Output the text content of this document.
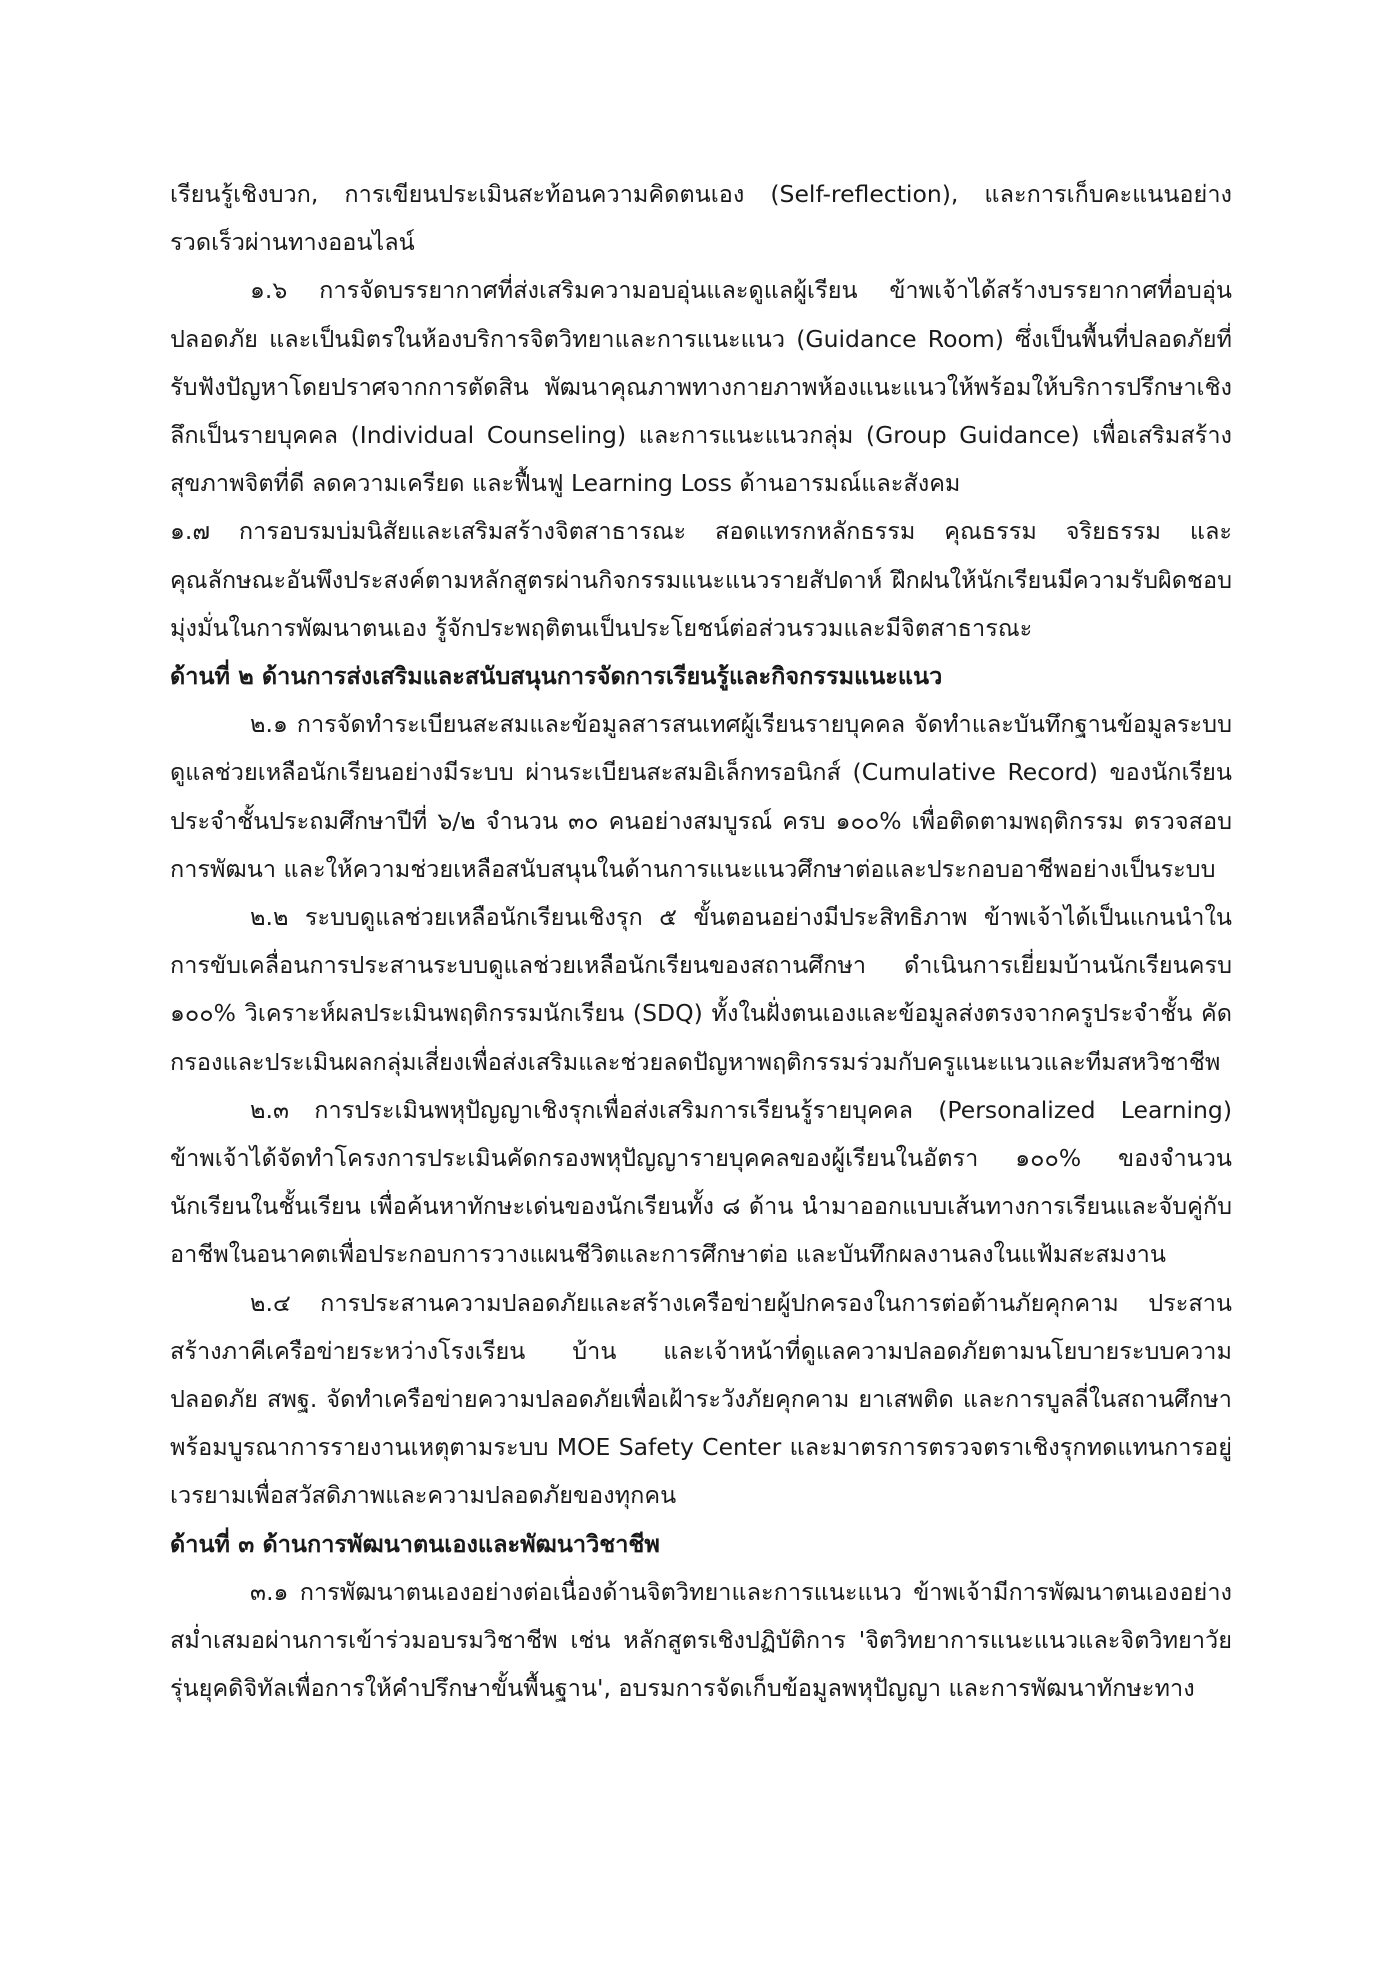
เรียนรู้เชิงบวก, การเขียนประเมินสะท้อนความคิดตนเอง (Self-reflection), และการเก็บคะแนนอย่างรวดเร็วผ่านทางออนไลน์

๑.๖ การจัดบรรยากาศที่ส่งเสริมความอบอุ่นและดูแลผู้เรียน ข้าพเจ้าได้สร้างบรรยากาศที่อบอุ่นปลอดภัย และเป็นมิตรในห้องบริการจิตวิทยาและการแนะแนว (Guidance Room) ซึ่งเป็นพื้นที่ปลอดภัยที่รับฟังปัญหาโดยปราศจากการตัดสิน พัฒนาคุณภาพทางกายภาพห้องแนะแนวให้พร้อมให้บริการปรึกษาเชิงลึกเป็นรายบุคคล (Individual Counseling) และการแนะแนวกลุ่ม (Group Guidance) เพื่อเสริมสร้างสุขภาพจิตที่ดี ลดความเครียด และฟื้นฟู Learning Loss ด้านอารมณ์และสังคม

๑.๗ การอบรมบ่มนิสัยและเสริมสร้างจิตสาธารณะ สอดแทรกหลักธรรม คุณธรรม จริยธรรม และคุณลักษณะอันพึงประสงค์ตามหลักสูตรผ่านกิจกรรมแนะแนวรายสัปดาห์ ฝึกฝนให้นักเรียนมีความรับผิดชอบ มุ่งมั่นในการพัฒนาตนเอง รู้จักประพฤติตนเป็นประโยชน์ต่อส่วนรวมและมีจิตสาธารณะ

ด้านที่ ๒ ด้านการส่งเสริมและสนับสนุนการจัดการเรียนรู้และกิจกรรมแนะแนว

๒.๑ การจัดทำระเบียนสะสมและข้อมูลสารสนเทศผู้เรียนรายบุคคล จัดทำและบันทึกฐานข้อมูลระบบดูแลช่วยเหลือนักเรียนอย่างมีระบบ ผ่านระเบียนสะสมอิเล็กทรอนิกส์ (Cumulative Record) ของนักเรียนประจำชั้นประถมศึกษาปีที่ ๖/๒ จำนวน ๓๐ คนอย่างสมบูรณ์ ครบ ๑๐๐% เพื่อติดตามพฤติกรรม ตรวจสอบการพัฒนา และให้ความช่วยเหลือสนับสนุนในด้านการแนะแนวศึกษาต่อและประกอบอาชีพอย่างเป็นระบบ

๒.๒ ระบบดูแลช่วยเหลือนักเรียนเชิงรุก ๕ ขั้นตอนอย่างมีประสิทธิภาพ ข้าพเจ้าได้เป็นแกนนำในการขับเคลื่อนการประสานระบบดูแลช่วยเหลือนักเรียนของสถานศึกษา ดำเนินการเยี่ยมบ้านนักเรียนครบ ๑๐๐% วิเคราะห์ผลประเมินพฤติกรรมนักเรียน (SDQ) ทั้งในฝั่งตนเองและข้อมูลส่งตรงจากครูประจำชั้น คัดกรองและประเมินผลกลุ่มเสี่ยงเพื่อส่งเสริมและช่วยลดปัญหาพฤติกรรมร่วมกับครูแนะแนวและทีมสหวิชาชีพ

๒.๓ การประเมินพหุปัญญาเชิงรุกเพื่อส่งเสริมการเรียนรู้รายบุคคล (Personalized Learning) ข้าพเจ้าได้จัดทำโครงการประเมินคัดกรองพหุปัญญารายบุคคลของผู้เรียนในอัตรา ๑๐๐% ของจำนวนนักเรียนในชั้นเรียน เพื่อค้นหาทักษะเด่นของนักเรียนทั้ง ๘ ด้าน นำมาออกแบบเส้นทางการเรียนและจับคู่กับอาชีพในอนาคตเพื่อประกอบการวางแผนชีวิตและการศึกษาต่อ และบันทึกผลงานลงในแฟ้มสะสมงาน

๒.๔ การประสานความปลอดภัยและสร้างเครือข่ายผู้ปกครองในการต่อต้านภัยคุกคาม ประสานสร้างภาคีเครือข่ายระหว่างโรงเรียน บ้าน และเจ้าหน้าที่ดูแลความปลอดภัยตามนโยบายระบบความปลอดภัย สพฐ. จัดทำเครือข่ายความปลอดภัยเพื่อเฝ้าระวังภัยคุกคาม ยาเสพติด และการบูลลี่ในสถานศึกษา พร้อมบูรณาการรายงานเหตุตามระบบ MOE Safety Center และมาตรการตรวจตราเชิงรุกทดแทนการอยู่เวรยามเพื่อสวัสดิภาพและความปลอดภัยของทุกคน

ด้านที่ ๓ ด้านการพัฒนาตนเองและพัฒนาวิชาชีพ

๓.๑ การพัฒนาตนเองอย่างต่อเนื่องด้านจิตวิทยาและการแนะแนว ข้าพเจ้ามีการพัฒนาตนเองอย่างสม่ำเสมอผ่านการเข้าร่วมอบรมวิชาชีพ เช่น หลักสูตรเชิงปฏิบัติการ 'จิตวิทยาการแนะแนวและจิตวิทยาวัยรุ่นยุคดิจิทัลเพื่อการให้คำปรึกษาขั้นพื้นฐาน', อบรมการจัดเก็บข้อมูลพหุปัญญา และการพัฒนาทักษะทาง
